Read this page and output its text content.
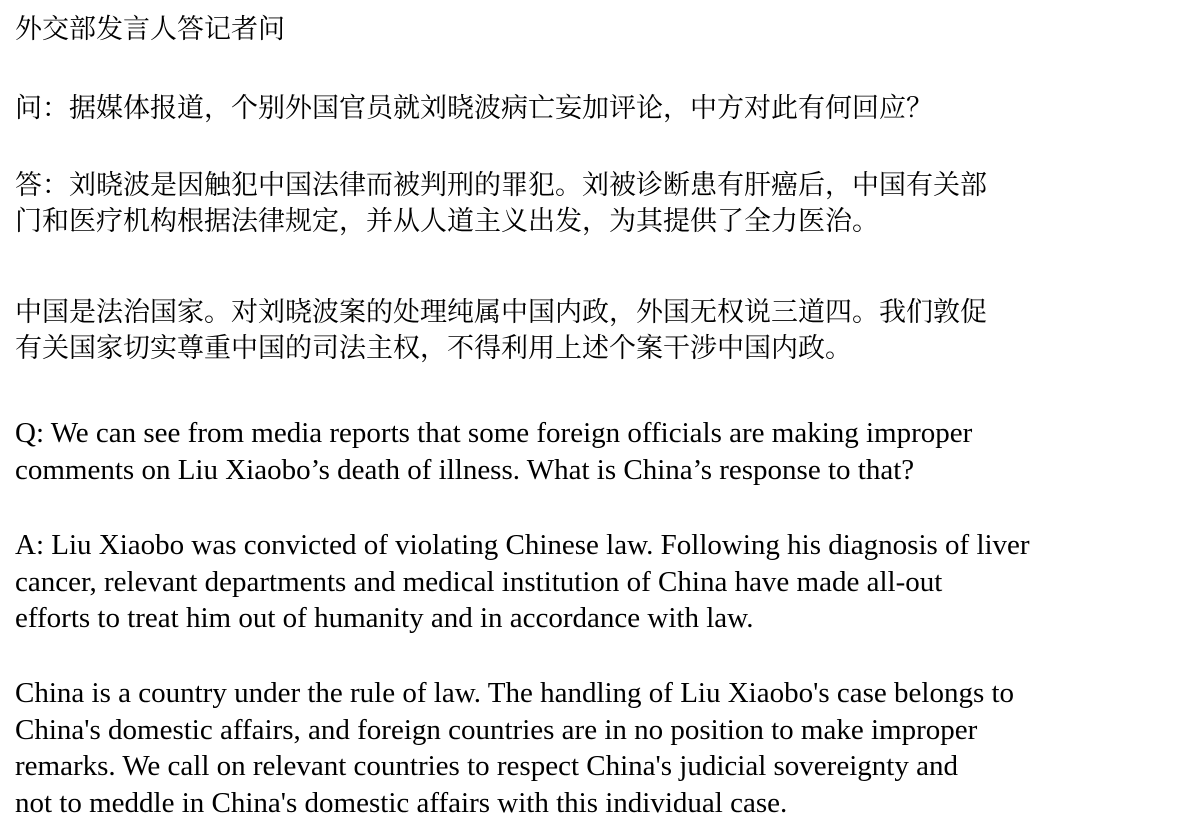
外交部发言人答记者问

问：据媒体报道，个别外国官员就刘晓波病亡妄加评论，中方对此有何回应？

答：刘晓波是因触犯中国法律而被判刑的罪犯。刘被诊断患有肝癌后，中国有关部
门和医疗机构根据法律规定，并从人道主义出发，为其提供了全力医治。
中国是法治国家。对刘晓波案的处理纯属中国内政，外国无权说三道四。我们敦促
有关国家切实尊重中国的司法主权，不得利用上述个案干涉中国内政。
Q: We can see from media reports that some foreign officials are making improper
comments on Liu Xiaobo’s death of illness. What is China’s response to that?
A: Liu Xiaobo was convicted of violating Chinese law. Following his diagnosis of liver
cancer, relevant departments and medical institution of China have made all-out
efforts to treat him out of humanity and in accordance with law.
China is a country under the rule of law. The handling of Liu Xiaobo's case belongs to
China's domestic affairs, and foreign countries are in no position to make improper
remarks. We call on relevant countries to respect China's judicial sovereignty and
not to meddle in China's domestic affairs with this individual case.
